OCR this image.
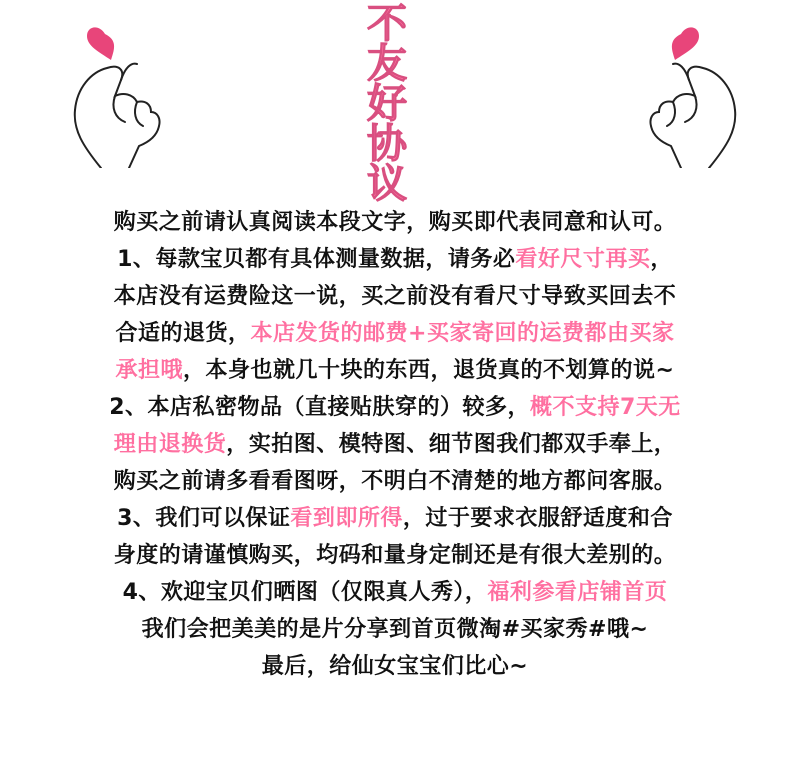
不
友
好
协
议
购买之前请认真阅读本段文字，购买即代表同意和认可。
1、每款宝贝都有具体测量数据，请务必看好尺寸再买，
本店没有运费险这一说，买之前没有看尺寸导致买回去不
合适的退货，本店发货的邮费+买家寄回的运费都由买家
承担哦，本身也就几十块的东西，退货真的不划算的说~
2、本店私密物品（直接贴肤穿的）较多，概不支持7天无
理由退换货，实拍图、模特图、细节图我们都双手奉上，
购买之前请多看看图呀，不明白不清楚的地方都问客服。
3、我们可以保证看到即所得，过于要求衣服舒适度和合
身度的请谨慎购买，均码和量身定制还是有很大差别的。
4、欢迎宝贝们晒图（仅限真人秀），福利参看店铺首页
我们会把美美的是片分享到首页微淘#买家秀#哦~
最后，给仙女宝宝们比心~
